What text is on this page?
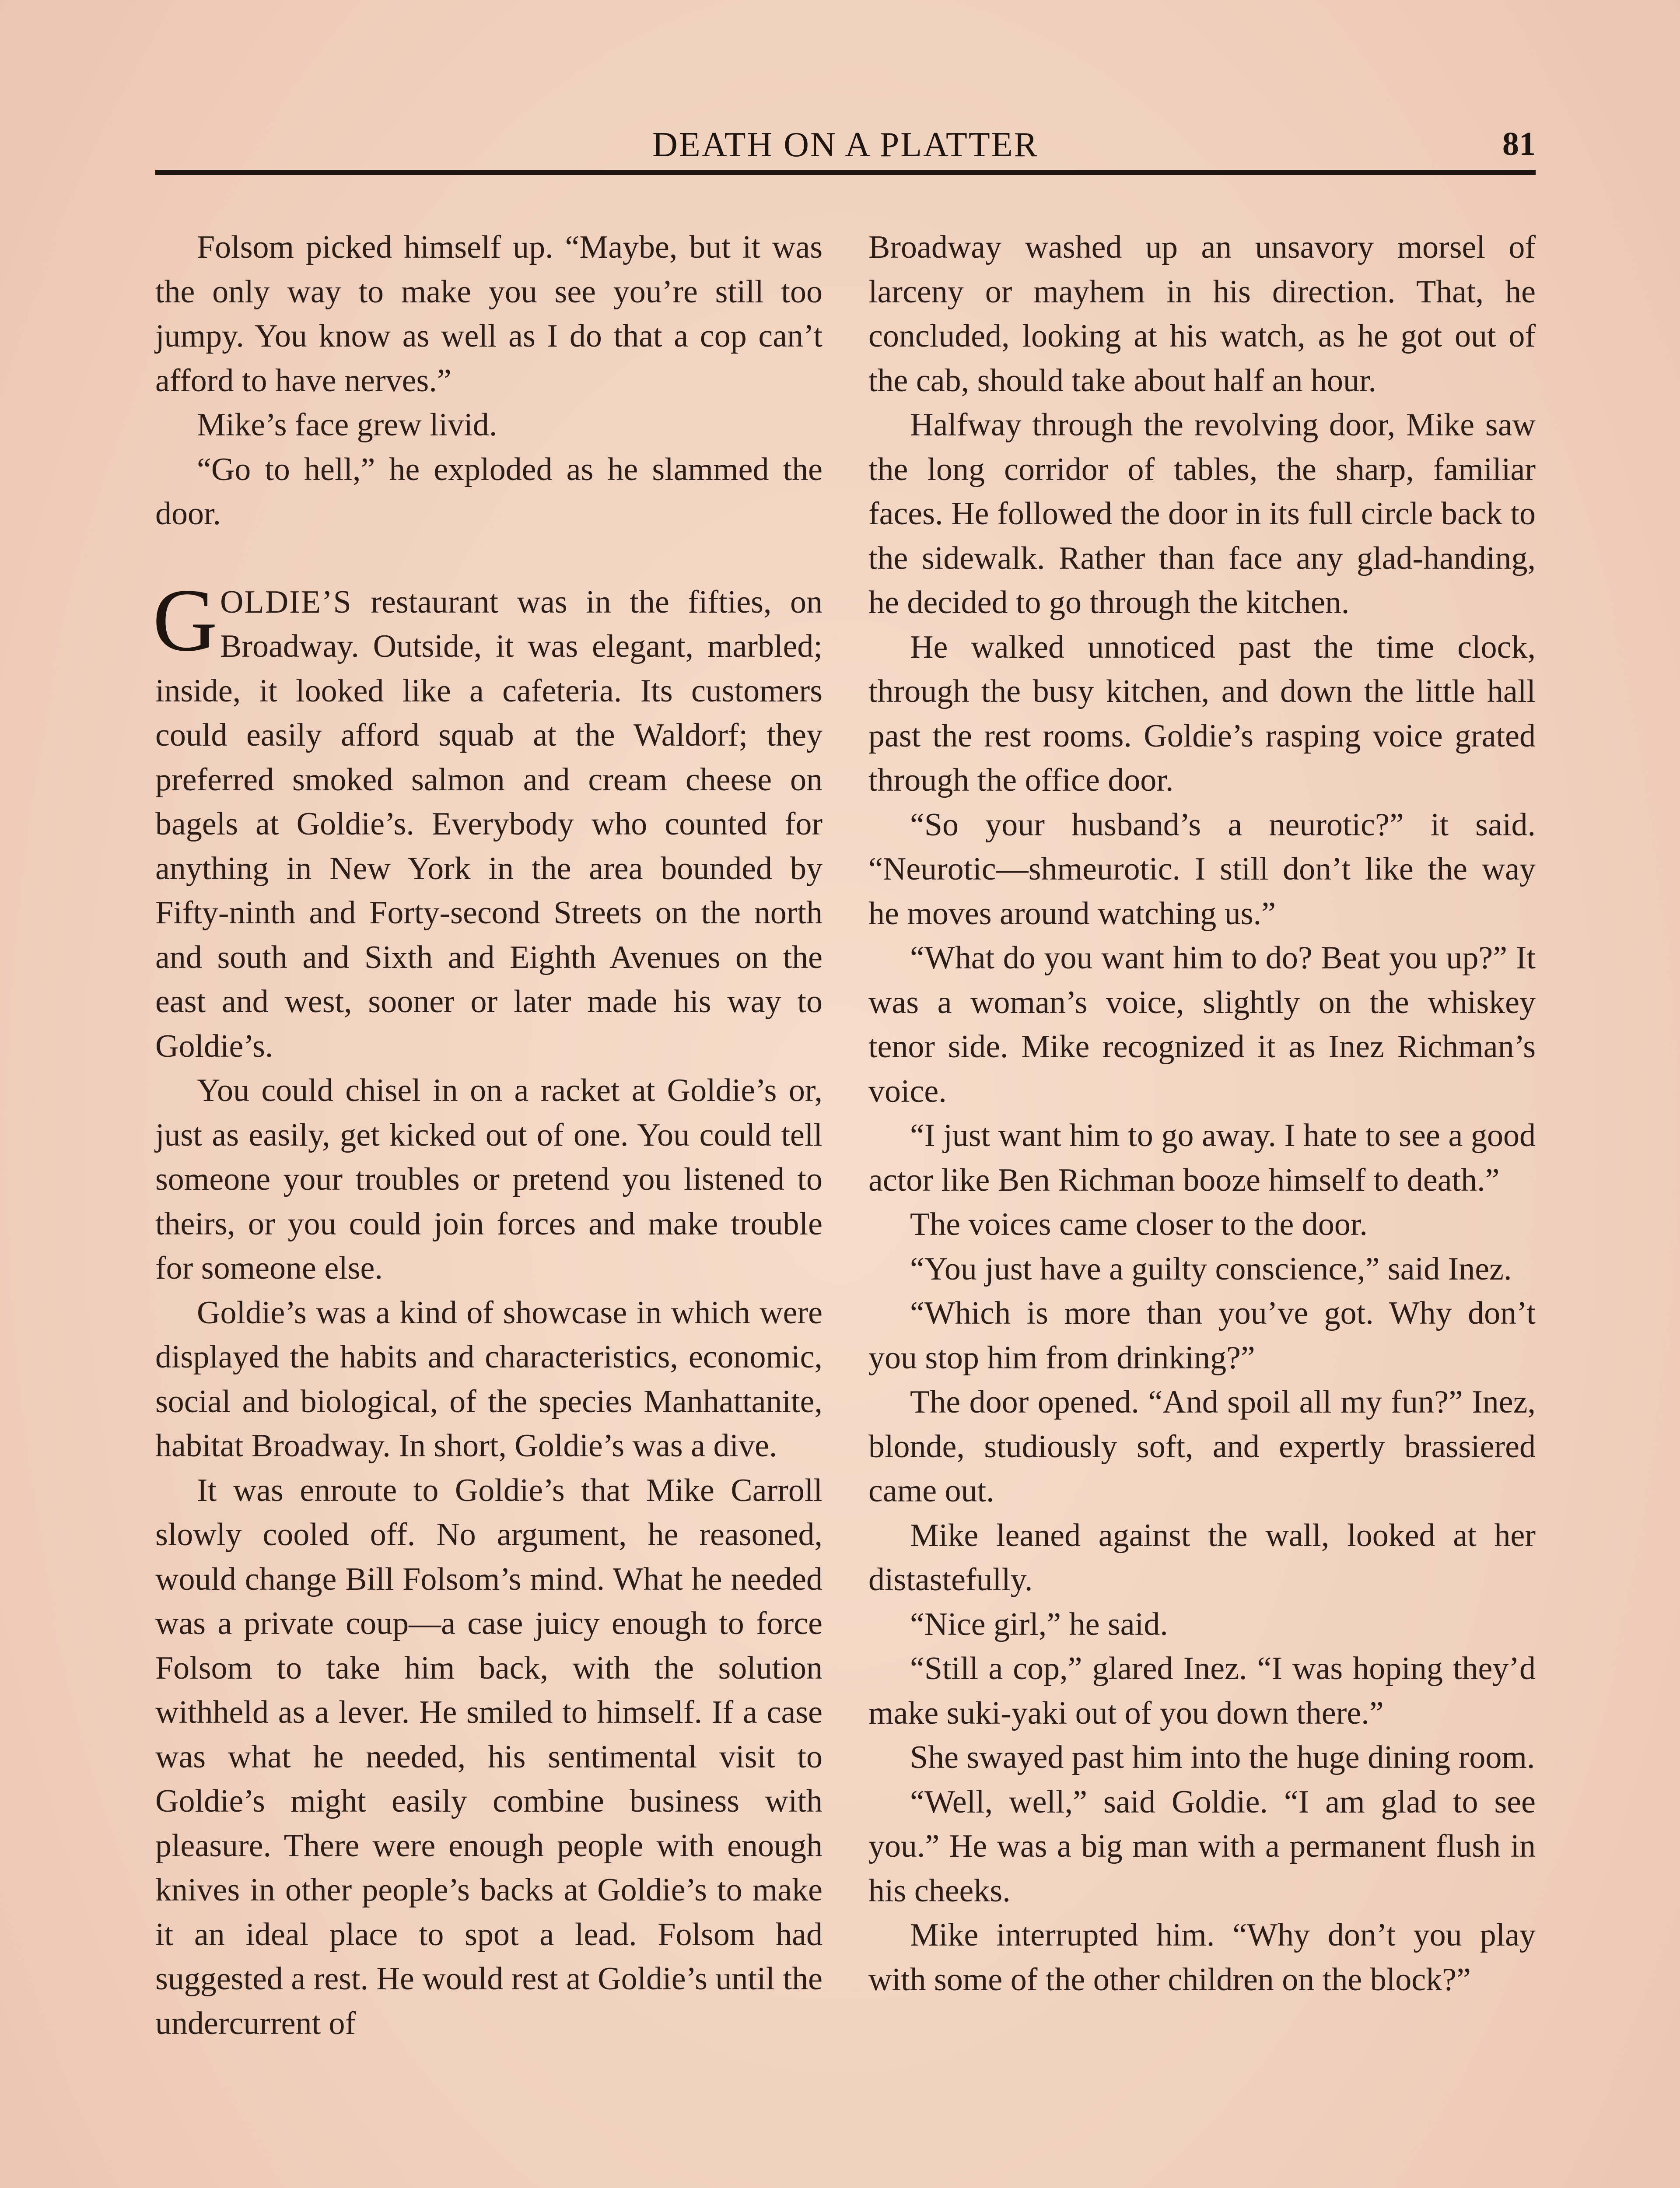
DEATH ON A PLATTER	81

Folsom picked himself up. “Maybe, but it was the only way to make you see you’re still too jumpy. You know as well as I do that a cop can’t afford to have nerves.”

Mike’s face grew livid.

“Go to hell,” he exploded as he slammed the door.

GOLDIE’S restaurant was in the fifties, on Broadway. Outside, it was elegant, marbled; inside, it looked like a cafeteria. Its customers could easily afford squab at the Waldorf; they preferred smoked salmon and cream cheese on bagels at Goldie’s. Everybody who counted for anything in New York in the area bounded by Fifty-ninth and Forty-second Streets on the north and south and Sixth and Eighth Avenues on the east and west, sooner or later made his way to Goldie’s.

You could chisel in on a racket at Goldie’s or, just as easily, get kicked out of one. You could tell someone your troubles or pretend you listened to theirs, or you could join forces and make trouble for someone else.

Goldie’s was a kind of showcase in which were displayed the habits and characteristics, economic, social and biological, of the species Manhattanite, habitat Broadway. In short, Goldie’s was a dive.

It was enroute to Goldie’s that Mike Carroll slowly cooled off. No argument, he reasoned, would change Bill Folsom’s mind. What he needed was a private coup—a case juicy enough to force Folsom to take him back, with the solution withheld as a lever. He smiled to himself. If a case was what he needed, his sentimental visit to Goldie’s might easily combine business with pleasure. There were enough people with enough knives in other people’s backs at Goldie’s to make it an ideal place to spot a lead. Folsom had suggested a rest. He would rest at Goldie’s until the undercurrent of

Broadway washed up an unsavory morsel of larceny or mayhem in his direction. That, he concluded, looking at his watch, as he got out of the cab, should take about half an hour.

Halfway through the revolving door, Mike saw the long corridor of tables, the sharp, familiar faces. He followed the door in its full circle back to the sidewalk. Rather than face any glad-handing, he decided to go through the kitchen.

He walked unnoticed past the time clock, through the busy kitchen, and down the little hall past the rest rooms. Goldie’s rasping voice grated through the office door.

“So your husband’s a neurotic?” it said. “Neurotic—shmeurotic. I still don’t like the way he moves around watching us.”

“What do you want him to do? Beat you up?” It was a woman’s voice, slightly on the whiskey tenor side. Mike recognized it as Inez Richman’s voice.

“I just want him to go away. I hate to see a good actor like Ben Richman booze himself to death.”

The voices came closer to the door.

“You just have a guilty conscience,” said Inez.

“Which is more than you’ve got. Why don’t you stop him from drinking?”

The door opened. “And spoil all my fun?” Inez, blonde, studiously soft, and expertly brassiered came out.

Mike leaned against the wall, looked at her distastefully.

“Nice girl,” he said.

“Still a cop,” glared Inez. “I was hoping they’d make suki-yaki out of you down there.”

She swayed past him into the huge dining room.

“Well, well,” said Goldie. “I am glad to see you.” He was a big man with a permanent flush in his cheeks.

Mike interrupted him. “Why don’t you play with some of the other children on the block?”
